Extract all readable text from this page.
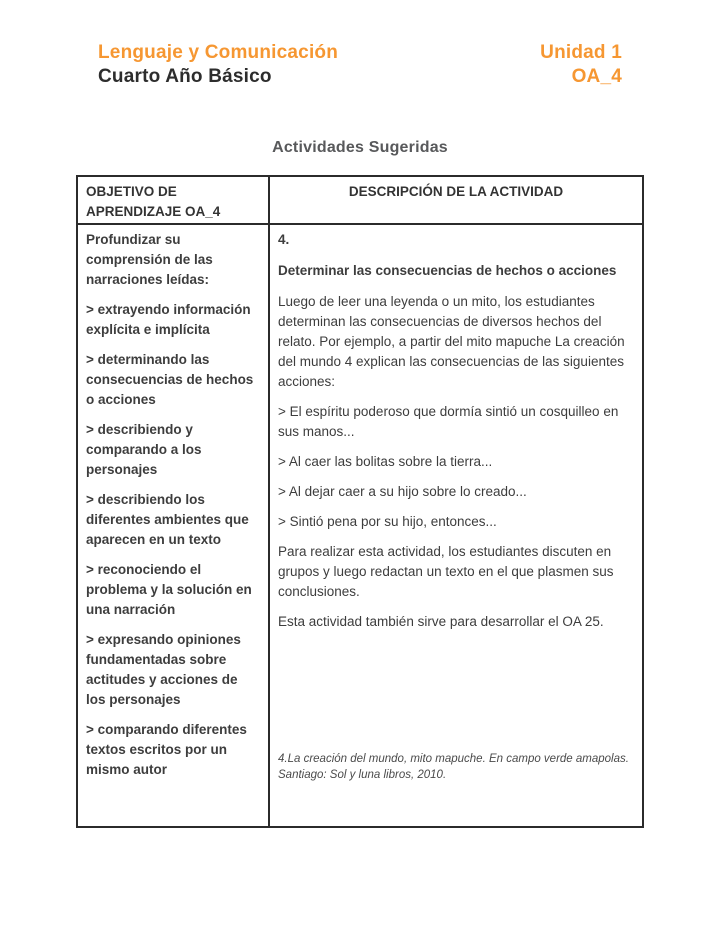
Lenguaje y Comunicación
Cuarto Año Básico
Unidad 1
OA_4
Actividades Sugeridas
OBJETIVO DE APRENDIZAJE OA_4
DESCRIPCIÓN DE LA ACTIVIDAD

Profundizar su comprensión de las narraciones leídas:

> extrayendo información explícita e implícita

> determinando las consecuencias de hechos o acciones

> describiendo y comparando a los personajes

> describiendo los diferentes ambientes que aparecen en un texto

> reconociendo el problema y la solución en una narración

> expresando opiniones fundamentadas sobre actitudes y acciones de los personajes

> comparando diferentes textos escritos por un mismo autor

4.

Determinar las consecuencias de hechos o acciones

Luego de leer una leyenda o un mito, los estudiantes determinan las consecuencias de diversos hechos del relato. Por ejemplo, a partir del mito mapuche La creación del mundo 4 explican las consecuencias de las siguientes acciones:

> El espíritu poderoso que dormía sintió un cosquilleo en sus manos...

> Al caer las bolitas sobre la tierra...

> Al dejar caer a su hijo sobre lo creado...

> Sintió pena por su hijo, entonces...

Para realizar esta actividad, los estudiantes discuten en grupos y luego redactan un texto en el que plasmen sus conclusiones.

Esta actividad también sirve para desarrollar el OA 25.

4.La creación del mundo, mito mapuche. En campo verde amapolas. Santiago: Sol y luna libros, 2010.
